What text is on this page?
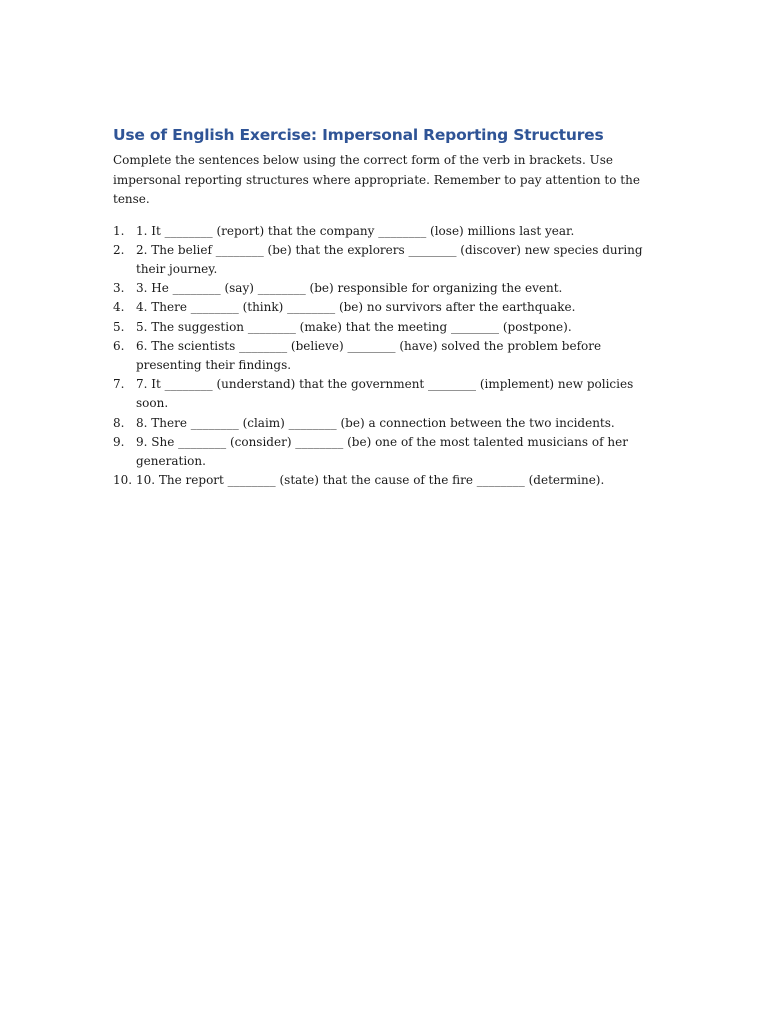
Use of English Exercise: Impersonal Reporting Structures

Complete the sentences below using the correct form of the verb in brackets. Use impersonal reporting structures where appropriate. Remember to pay attention to the tense.

1. 1. It ________ (report) that the company ________ (lose) millions last year.
2. 2. The belief ________ (be) that the explorers ________ (discover) new species during their journey.
3. 3. He ________ (say) ________ (be) responsible for organizing the event.
4. 4. There ________ (think) ________ (be) no survivors after the earthquake.
5. 5. The suggestion ________ (make) that the meeting ________ (postpone).
6. 6. The scientists ________ (believe) ________ (have) solved the problem before presenting their findings.
7. 7. It ________ (understand) that the government ________ (implement) new policies soon.
8. 8. There ________ (claim) ________ (be) a connection between the two incidents.
9. 9. She ________ (consider) ________ (be) one of the most talented musicians of her generation.
10. 10. The report ________ (state) that the cause of the fire ________ (determine).
